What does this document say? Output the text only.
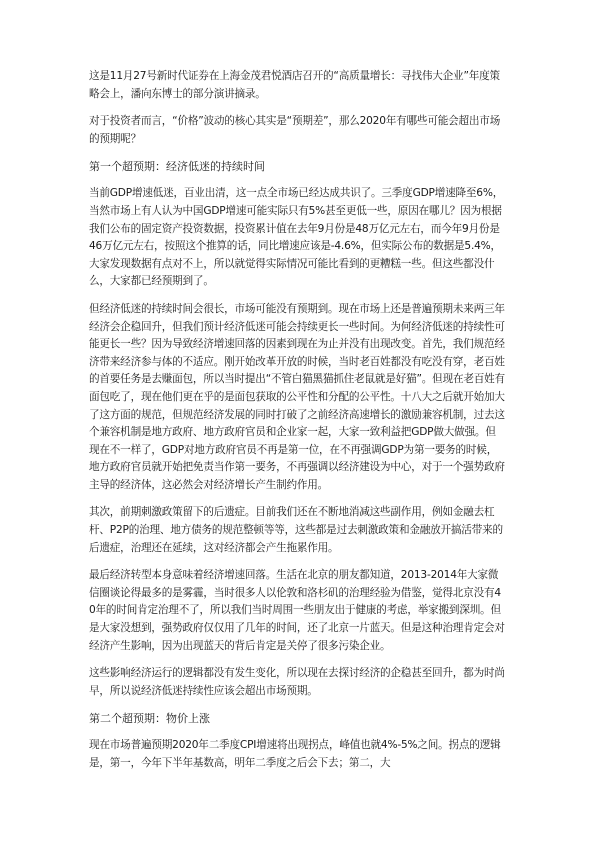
这是11月27号新时代证券在上海金茂君悦酒店召开的“高质量增长：寻找伟大企业”年度策略会上，潘向东博士的部分演讲摘录。

对于投资者而言，“价格”波动的核心其实是“预期差”，那么2020年有哪些可能会超出市场的预期呢？

第一个超预期：经济低迷的持续时间

当前GDP增速低迷，百业出清，这一点全市场已经达成共识了。三季度GDP增速降至6%，当然市场上有人认为中国GDP增速可能实际只有5%甚至更低一些，原因在哪儿？因为根据我们公布的固定资产投资数据，投资累计值在去年9月份是48万亿元左右，而今年9月份是46万亿元左右，按照这个推算的话，同比增速应该是-4.6%，但实际公布的数据是5.4%，大家发现数据有点对不上，所以就觉得实际情况可能比看到的更糟糕一些。但这些都没什么，大家都已经预期到了。

但经济低迷的持续时间会很长，市场可能没有预期到。现在市场上还是普遍预期未来两三年经济会企稳回升，但我们预计经济低迷可能会持续更长一些时间。为何经济低迷的持续性可能更长一些？因为导致经济增速回落的因素到现在为止并没有出现改变。首先，我们规范经济带来经济参与体的不适应。刚开始改革开放的时候，当时老百姓都没有吃没有穿，老百姓的首要任务是去赚面包，所以当时提出“不管白猫黑猫抓住老鼠就是好猫”。但现在老百姓有面包吃了，现在他们更在乎的是面包获取的公平性和分配的公平性。十八大之后就开始加大了这方面的规范，但规范经济发展的同时打破了之前经济高速增长的激励兼容机制，过去这个兼容机制是地方政府、地方政府官员和企业家一起，大家一致利益把GDP做大做强。但现在不一样了，GDP对地方政府官员不再是第一位，在不再强调GDP为第一要务的时候，地方政府官员就开始把免责当作第一要务，不再强调以经济建设为中心，对于一个强势政府主导的经济体，这必然会对经济增长产生制约作用。

其次，前期刺激政策留下的后遗症。目前我们还在不断地消减这些副作用，例如金融去杠杆、P2P的治理、地方债务的规范整顿等等，这些都是过去刺激政策和金融放开搞活带来的后遗症，治理还在延续，这对经济都会产生拖累作用。

最后经济转型本身意味着经济增速回落。生活在北京的朋友都知道，2013-2014年大家微信圈谈论得最多的是雾霾，当时很多人以伦敦和洛杉矶的治理经验为借鉴，觉得北京没有40年的时间肯定治理不了，所以我们当时周围一些朋友出于健康的考虑，举家搬到深圳。但是大家没想到，强势政府仅仅用了几年的时间，还了北京一片蓝天。但是这种治理肯定会对经济产生影响，因为出现蓝天的背后肯定是关停了很多污染企业。

这些影响经济运行的逻辑都没有发生变化，所以现在去探讨经济的企稳甚至回升，都为时尚早，所以说经济低迷持续性应该会超出市场预期。

第二个超预期：物价上涨

现在市场普遍预期2020年二季度CPI增速将出现拐点，峰值也就4%-5%之间。拐点的逻辑是，第一，今年下半年基数高，明年二季度之后会下去；第二，大
